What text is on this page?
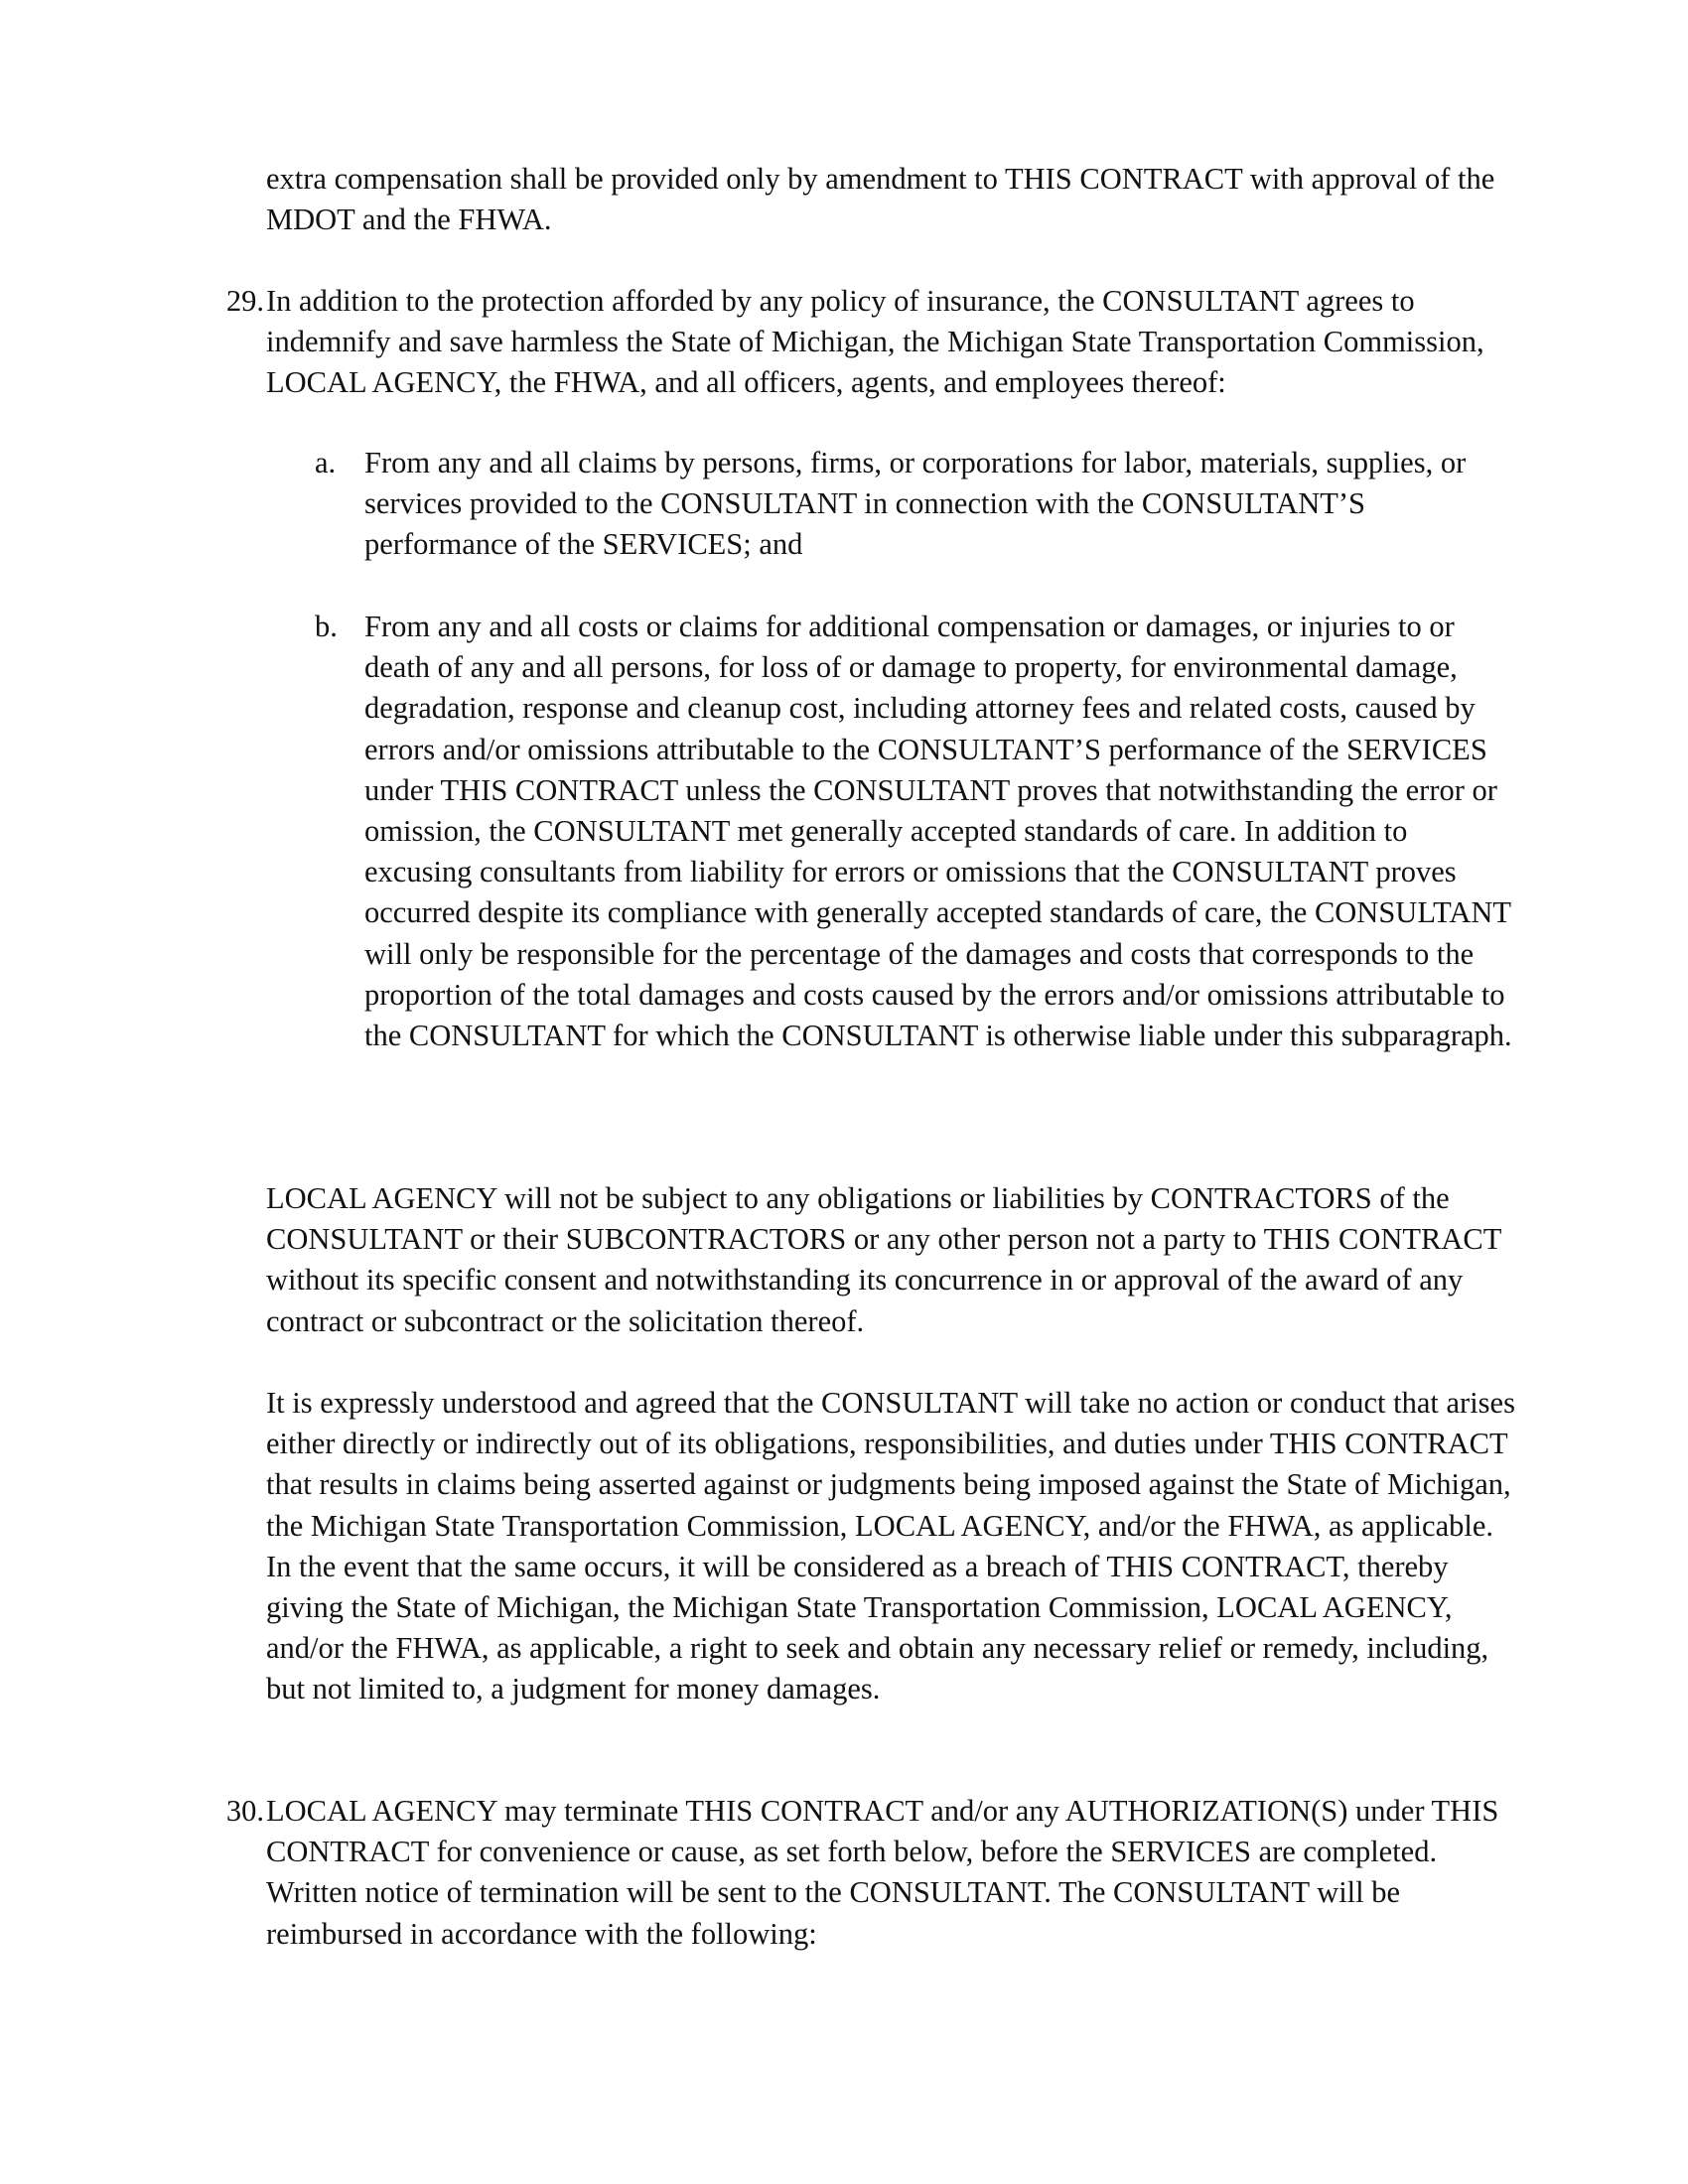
extra compensation shall be provided only by amendment to THIS CONTRACT with approval of the MDOT and the FHWA.

29. In addition to the protection afforded by any policy of insurance, the CONSULTANT agrees to indemnify and save harmless the State of Michigan, the Michigan State Transportation Commission, LOCAL AGENCY, the FHWA, and all officers, agents, and employees thereof:
a. From any and all claims by persons, firms, or corporations for labor, materials, supplies, or services provided to the CONSULTANT in connection with the CONSULTANT’S performance of the SERVICES; and
b. From any and all costs or claims for additional compensation or damages, or injuries to or death of any and all persons, for loss of or damage to property, for environmental damage, degradation, response and cleanup cost, including attorney fees and related costs, caused by errors and/or omissions attributable to the CONSULTANT’S performance of the SERVICES under THIS CONTRACT unless the CONSULTANT proves that notwithstanding the error or omission, the CONSULTANT met generally accepted standards of care. In addition to excusing consultants from liability for errors or omissions that the CONSULTANT proves occurred despite its compliance with generally accepted standards of care, the CONSULTANT will only be responsible for the percentage of the damages and costs that corresponds to the proportion of the total damages and costs caused by the errors and/or omissions attributable to the CONSULTANT for which the CONSULTANT is otherwise liable under this subparagraph.

LOCAL AGENCY will not be subject to any obligations or liabilities by CONTRACTORS of the CONSULTANT or their SUBCONTRACTORS or any other person not a party to THIS CONTRACT without its specific consent and notwithstanding its concurrence in or approval of the award of any contract or subcontract or the solicitation thereof.

It is expressly understood and agreed that the CONSULTANT will take no action or conduct that arises either directly or indirectly out of its obligations, responsibilities, and duties under THIS CONTRACT that results in claims being asserted against or judgments being imposed against the State of Michigan, the Michigan State Transportation Commission, LOCAL AGENCY, and/or the FHWA, as applicable. In the event that the same occurs, it will be considered as a breach of THIS CONTRACT, thereby giving the State of Michigan, the Michigan State Transportation Commission, LOCAL AGENCY, and/or the FHWA, as applicable, a right to seek and obtain any necessary relief or remedy, including, but not limited to, a judgment for money damages.

30. LOCAL AGENCY may terminate THIS CONTRACT and/or any AUTHORIZATION(S) under THIS CONTRACT for convenience or cause, as set forth below, before the SERVICES are completed. Written notice of termination will be sent to the CONSULTANT. The CONSULTANT will be reimbursed in accordance with the following:
